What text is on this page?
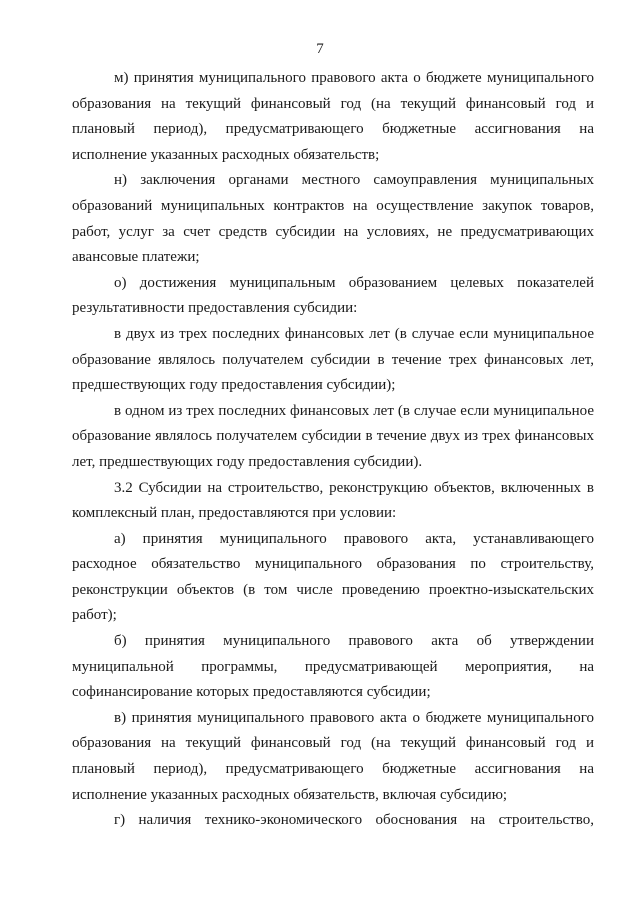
7

м) принятия муниципального правового акта о бюджете муниципального образования на текущий финансовый год (на текущий финансовый год и плановый период), предусматривающего бюджетные ассигнования на исполнение указанных расходных обязательств;

н) заключения органами местного самоуправления муниципальных образований муниципальных контрактов на осуществление закупок товаров, работ, услуг за счет средств субсидии на условиях, не предусматривающих авансовые платежи;

о) достижения муниципальным образованием целевых показателей результативности предоставления субсидии:

в двух из трех последних финансовых лет (в случае если муниципальное образование являлось получателем субсидии в течение трех финансовых лет, предшествующих году предоставления субсидии);

в одном из трех последних финансовых лет (в случае если муниципальное образование являлось получателем субсидии в течение двух из трех финансовых лет, предшествующих году предоставления субсидии).

3.2 Субсидии на строительство, реконструкцию объектов, включенных в комплексный план, предоставляются при условии:

а) принятия муниципального правового акта, устанавливающего расходное обязательство муниципального образования по строительству, реконструкции объектов (в том числе проведению проектно-изыскательских работ);

б) принятия муниципального правового акта об утверждении муниципальной программы, предусматривающей мероприятия, на софинансирование которых предоставляются субсидии;

в) принятия муниципального правового акта о бюджете муниципального образования на текущий финансовый год (на текущий финансовый год и плановый период), предусматривающего бюджетные ассигнования на исполнение указанных расходных обязательств, включая субсидию;

г) наличия технико-экономического обоснования на строительство,
